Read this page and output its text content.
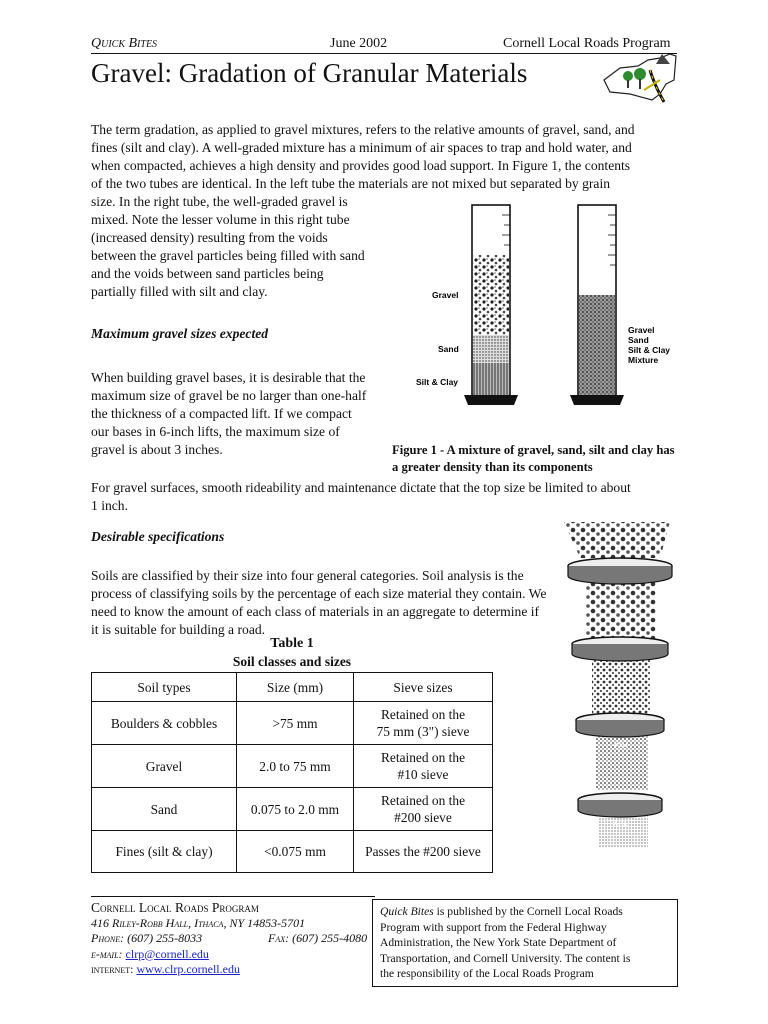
Quick Bites	June 2002	Cornell Local Roads Program
Gravel: Gradation of Granular Materials
The term gradation, as applied to gravel mixtures, refers to the relative amounts of gravel, sand, and
fines (silt and clay). A well-graded mixture has a minimum of air spaces to trap and hold water, and
when compacted, achieves a high density and provides good load support. In Figure 1, the contents
of the two tubes are identical. In the left tube the materials are not mixed but separated by grain
size. In the right tube, the well-graded gravel is
mixed. Note the lesser volume in this right tube
(increased density) resulting from the voids
between the gravel particles being filled with sand
and the voids between sand particles being
partially filled with silt and clay.	Gravel
Sand
Silt & Clay
Gravel
Sand
Silt & Clay
Mixture
Figure 1 - A mixture of gravel, sand, silt and clay has
a greater density than its components
Maximum gravel sizes expected
When building gravel bases, it is desirable that the
maximum size of gravel be no larger than one-half
the thickness of a compacted lift. If we compact
our bases in 6-inch lifts, the maximum size of
gravel is about 3 inches.
For gravel surfaces, smooth rideability and maintenance dictate that the top size be limited to about
1 inch.
Desirable specifications
Soils are classified by their size into four general categories. Soil analysis is the
process of classifying soils by the percentage of each size material they contain. We
need to know the amount of each class of materials in an aggregate to determine if
it is suitable for building a road.
Table 1
Soil classes and sizes
Soil types	Size (mm)	Sieve sizes
Boulders & cobbles	>75 mm	Retained on the
75 mm (3") sieve

Gravel	2.0 to 75 mm	Retained on the
#10 sieve

Sand	0.075 to 2.0 mm	Retained on the
#200 sieve

Fines (silt & clay)	<0.075 mm	Passes the #200 sieve
3"
#4
#10
#200
Cornell Local Roads Program
416 Riley-Robb Hall, Ithaca, NY 14853-5701
Phone: (607) 255-8033	Fax: (607) 255-4080
e-mail: clrp@cornell.edu
internet: www.clrp.cornell.edu
Quick Bites is published by the Cornell Local Roads
Program with support from the Federal Highway
Administration, the New York State Department of
Transportation, and Cornell University. The content is
the responsibility of the Local Roads Program
